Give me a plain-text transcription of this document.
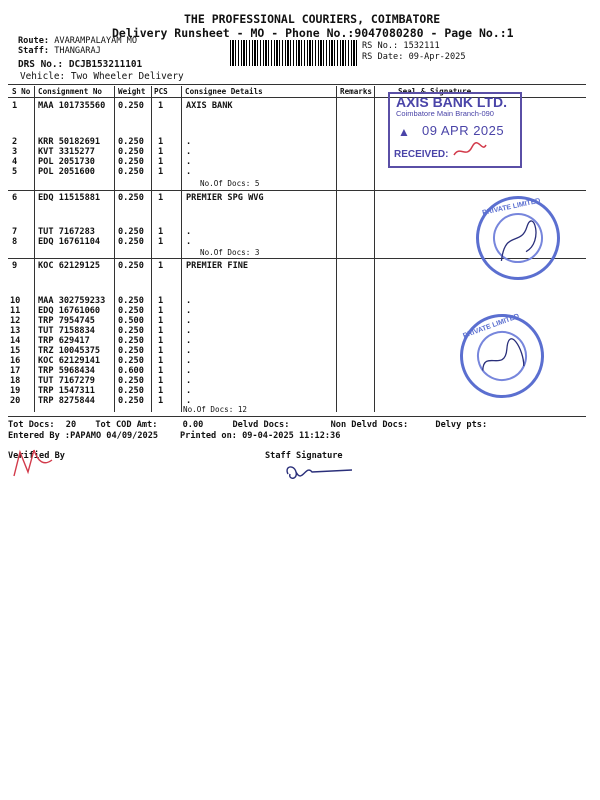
THE PROFESSIONAL COURIERS, COIMBATORE
Delivery Runsheet - MO - Phone No.:9047080280 - Page No.:1
Route: AVARAMPALAYAM MO
Staff: THANGARAJ
DRS No.: DCJB153211101
Vehicle: Two Wheeler Delivery
RS No.: 1532111
RS Date: 09-Apr-2025
S No Consignment No Weight PCS Consignee Details	Remarks	Seal & Signature
1 MAA 101735560 0.250 1	AXIS BANK
2 KRR 50182691 0.250 1	.
3 KVT 3315277	0.250 1	.
4 POL 2051730	0.250 1	.
5 POL 2051600	0.250 1	.
No.Of Docs: 5
6 EDQ 11515881 0.250 1	PREMIER SPG WVG
7 TUT 7167283	0.250 1	.
8 EDQ 16761104 0.250 1	.
No.Of Docs: 3
9 KOC 62129125 0.250 1	PREMIER FINE
10 MAA 302759233 0.250 1	.
11 EDQ 16761060 0.250 1	.
12 TRP 7954745	0.500 1	.
13 TUT 7158834	0.250 1	.
14 TRP 629417	0.250 1	.
15 TRZ 10045375 0.250 1	.
16 KOC 62129141 0.250 1	.
17 TRP 5968434	0.600 1	.
18 TUT 7167279	0.250 1	.
19 TRP 1547311	0.250 1	.
20 TRP 8275844	0.250 1	.
No.Of Docs: 12
AXIS BANK LTD.
Coimbatore Main Branch-090
▲ 09 APR 2025
RECEIVED:
PRIVATE LIMITED
PRIVATE LIMITED
Tot Docs: 20 Tot COD Amt:	0.00	Delvd Docs:	Non Delvd Docs:	Delvy pts:
Entered By :PAPAMO 04/09/2025	Printed on: 09-04-2025 11:12:36
Verified By	Staff Signature
